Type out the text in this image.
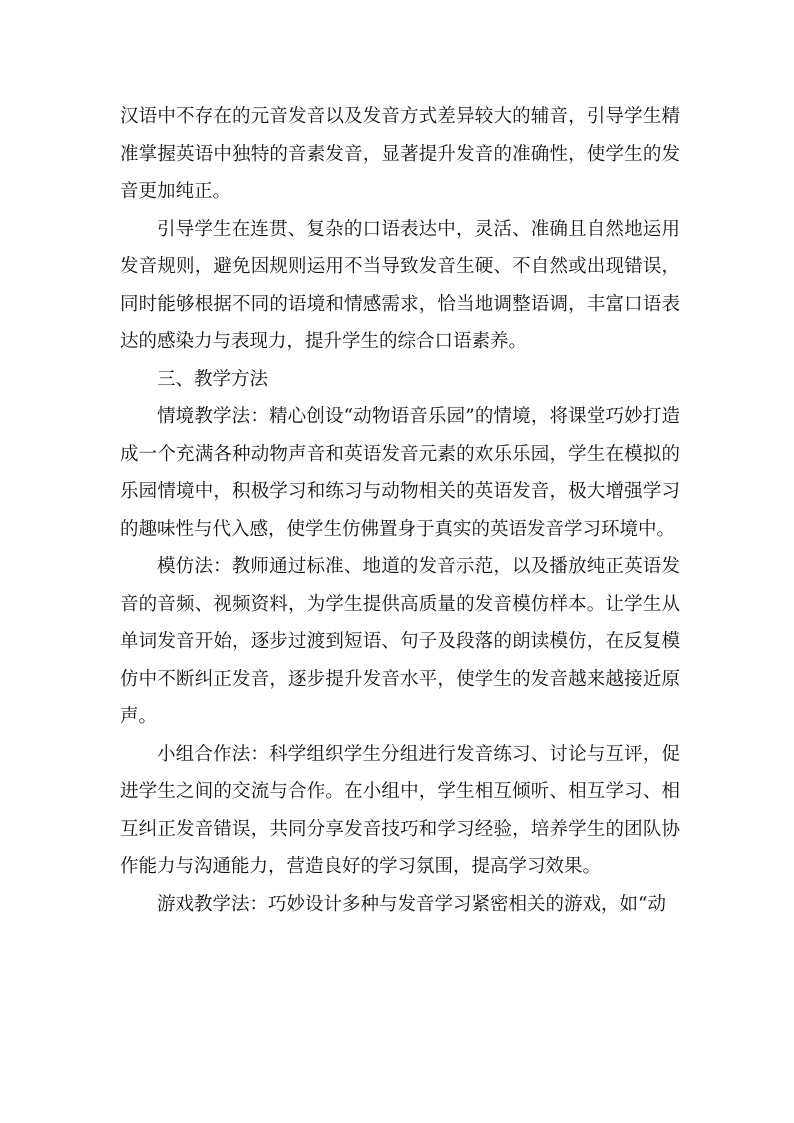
汉语中不存在的元音发音以及发音方式差异较大的辅音，引导学生精准掌握英语中独特的音素发音，显著提升发音的准确性，使学生的发音更加纯正。

引导学生在连贯、复杂的口语表达中，灵活、准确且自然地运用发音规则，避免因规则运用不当导致发音生硬、不自然或出现错误，同时能够根据不同的语境和情感需求，恰当地调整语调，丰富口语表达的感染力与表现力，提升学生的综合口语素养。

三、教学方法

情境教学法：精心创设“动物语音乐园”的情境，将课堂巧妙打造成一个充满各种动物声音和英语发音元素的欢乐乐园，学生在模拟的乐园情境中，积极学习和练习与动物相关的英语发音，极大增强学习的趣味性与代入感，使学生仿佛置身于真实的英语发音学习环境中。

模仿法：教师通过标准、地道的发音示范，以及播放纯正英语发音的音频、视频资料，为学生提供高质量的发音模仿样本。让学生从单词发音开始，逐步过渡到短语、句子及段落的朗读模仿，在反复模仿中不断纠正发音，逐步提升发音水平，使学生的发音越来越接近原声。

小组合作法：科学组织学生分组进行发音练习、讨论与互评，促进学生之间的交流与合作。在小组中，学生相互倾听、相互学习、相互纠正发音错误，共同分享发音技巧和学习经验，培养学生的团队协作能力与沟通能力，营造良好的学习氛围，提高学习效果。

游戏教学法：巧妙设计多种与发音学习紧密相关的游戏，如“动
